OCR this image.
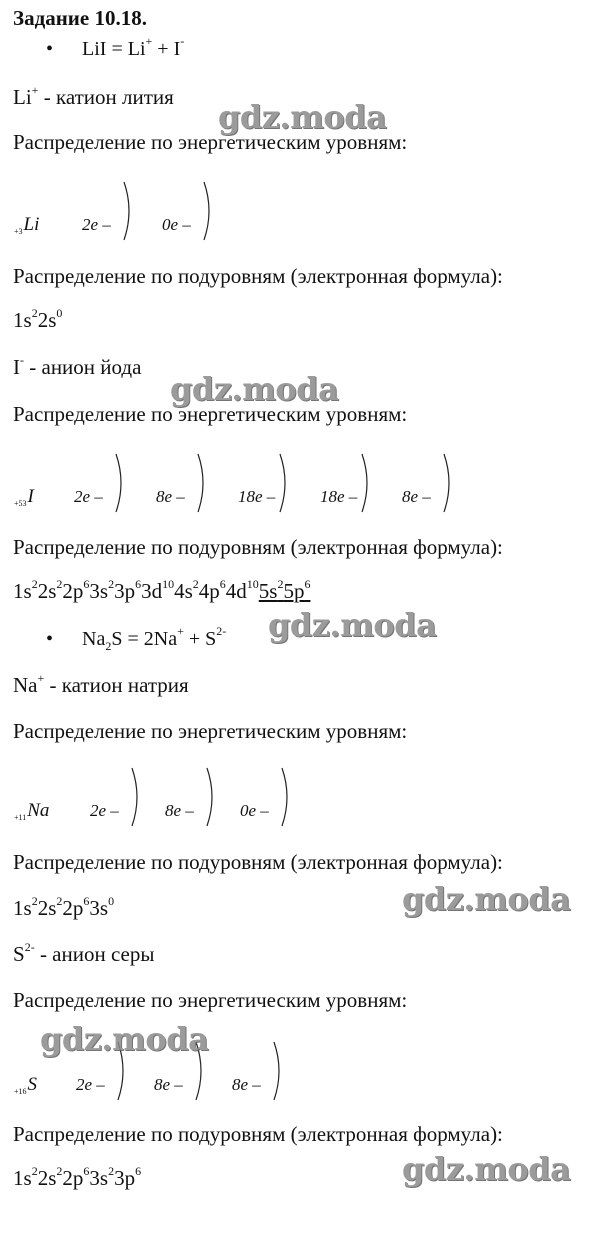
Задание 10.18.
• LiI = Li+ + I-
Li+ - катион лития
Распределение по энергетическим уровням:
$_{+3}$Li	2e –	0e –
Распределение по подуровням (электронная формула):
$1s^22s^0$
I- - анион йода
Распределение по энергетическим уровням:
$_{+53}$I 2e –	8e –	18e –	18e –	8e –
Распределение по подуровням (электронная формула):
$1s^22s^22p^63s^23p^63d^{10}4s^24p^64d^{10}5s^25p^6$
• $Na_2S = 2Na^+ + S^{2-}$
Na+ - катион натрия
Распределение по энергетическим уровням:
$_{+11}$Na 2e –	8e –	0e –
Распределение по подуровням (электронная формула):
$1s^22s^22p^63s^0$
$S^{2-}$ - анион серы
Распределение по энергетическим уровням:
$_{+16}$S 2e –	8e –	8e –
Распределение по подуровням (электронная формула):
$1s^22s^22p^63s^23p^6$
gdz.moda
gdz.moda
gdz.moda
gdz.moda
gdz.moda
gdz.moda
